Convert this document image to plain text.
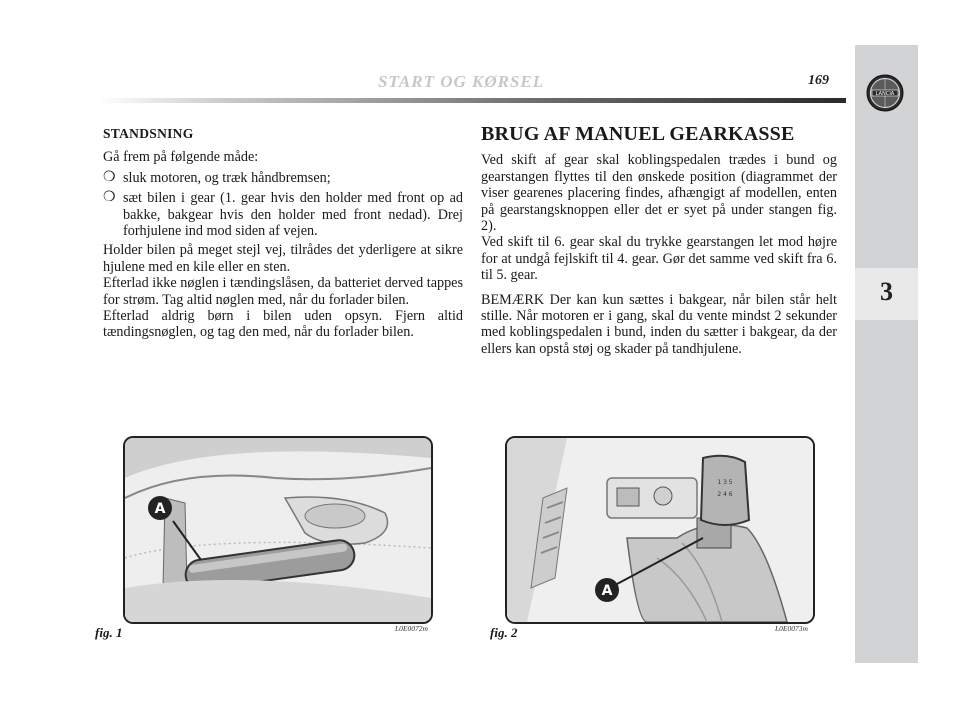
3
LANCIA
START OG KØRSEL	169
STANDSNING

Gå frem på følgende måde:

❍ sluk motoren, og træk håndbremsen;
❍ sæt bilen i gear (1. gear hvis den holder med front op ad bakke, bakgear hvis den holder med front nedad). Drej forhjulene ind mod siden af vejen.

Holder bilen på meget stejl vej, tilrådes det yderligere at sikre hjulene med en kile eller en sten.

Efterlad ikke nøglen i tændingslåsen, da batteriet derved tappes for strøm. Tag altid nøglen med, når du forlader bilen.

Efterlad aldrig børn i bilen uden opsyn. Fjern altid tændingsnøglen, og tag den med, når du forlader bilen.

BRUG AF MANUEL GEARKASSE

Ved skift af gear skal koblingspedalen trædes i bund og gearstangen flyttes til den ønskede position (diagrammet der viser gearenes placering findes, afhængigt af modellen, enten på gearstangsknoppen eller det er syet på under stangen fig. 2).

Ved skift til 6. gear skal du trykke gearstangen let mod højre for at undgå fejlskift til 4. gear. Gør det samme ved skift fra 6. til 5. gear.

BEMÆRK Der kan kun sættes i bakgear, når bilen står helt stille. Når motoren er i gang, skal du vente mindst 2 sekunder med koblingspedalen i bund, inden du sætter i bakgear, da der ellers kan opstå støj og skader på tandhjulene.

A
fig. 1	L0E0072m
1 3 5
2 4 6
A
fig. 2	L0E0073m
